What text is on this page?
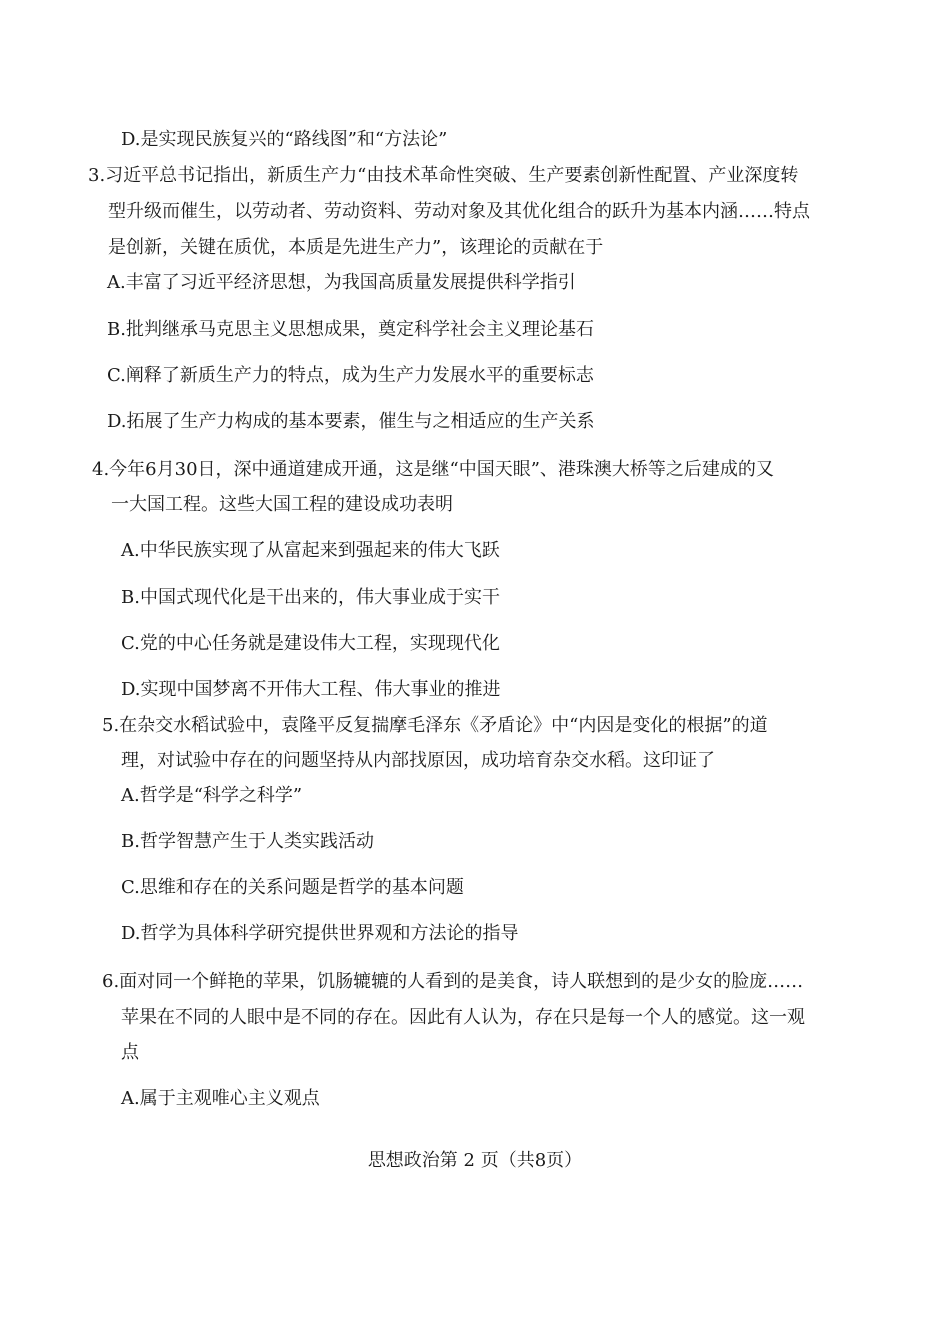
D.是实现民族复兴的“路线图”和“方法论”
3.习近平总书记指出，新质生产力“由技术革命性突破、生产要素创新性配置、产业深度转
型升级而催生，以劳动者、劳动资料、劳动对象及其优化组合的跃升为基本内涵……特点
是创新，关键在质优，本质是先进生产力”，该理论的贡献在于
A.丰富了习近平经济思想，为我国高质量发展提供科学指引
B.批判继承马克思主义思想成果，奠定科学社会主义理论基石
C.阐释了新质生产力的特点，成为生产力发展水平的重要标志
D.拓展了生产力构成的基本要素，催生与之相适应的生产关系
4.今年6月30日，深中通道建成开通，这是继“中国天眼”、港珠澳大桥等之后建成的又
一大国工程。这些大国工程的建设成功表明
A.中华民族实现了从富起来到强起来的伟大飞跃
B.中国式现代化是干出来的，伟大事业成于实干
C.党的中心任务就是建设伟大工程，实现现代化
D.实现中国梦离不开伟大工程、伟大事业的推进
5.在杂交水稻试验中，袁隆平反复揣摩毛泽东《矛盾论》中“内因是变化的根据”的道
理，对试验中存在的问题坚持从内部找原因，成功培育杂交水稻。这印证了
A.哲学是“科学之科学”
B.哲学智慧产生于人类实践活动
C.思维和存在的关系问题是哲学的基本问题
D.哲学为具体科学研究提供世界观和方法论的指导
6.面对同一个鲜艳的苹果，饥肠辘辘的人看到的是美食，诗人联想到的是少女的脸庞……
苹果在不同的人眼中是不同的存在。因此有人认为，存在只是每一个人的感觉。这一观
点
A.属于主观唯心主义观点
思想政治第 2 页（共8页）
